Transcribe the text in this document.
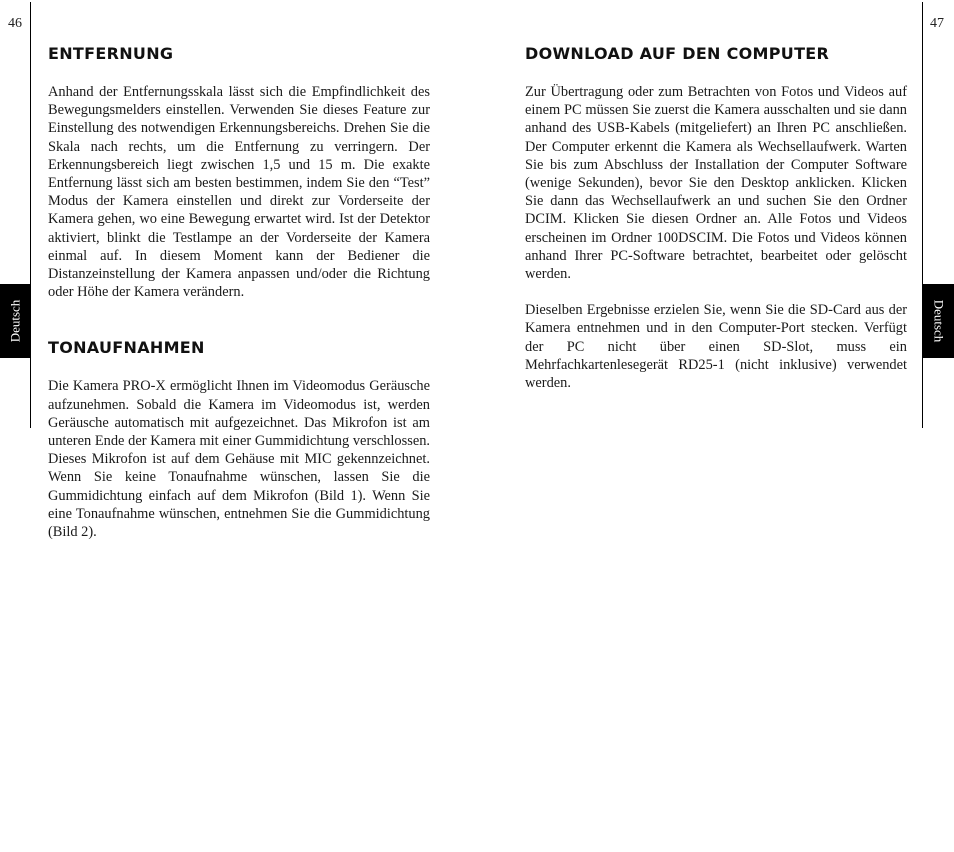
46
Deutsch
47
Deutsch
ENTFERNUNG

Anhand der Entfernungsskala lässt sich die Empfindlichkeit des Bewegungsmelders einstellen. Verwenden Sie dieses Feature zur Einstellung des notwendigen Erkennungsbereichs. Drehen Sie die Skala nach rechts, um die Entfernung zu verringern. Der Erkennungsbereich liegt zwischen 1,5 und 15 m. Die exakte Entfernung lässt sich am besten bestimmen, indem Sie den “Test” Modus der Kamera einstellen und direkt zur Vorderseite der Kamera gehen, wo eine Bewegung erwartet wird. Ist der Detektor aktiviert, blinkt die Testlampe an der Vorderseite der Kamera einmal auf. In diesem Moment kann der Bediener die Distanzeinstellung der Kamera anpassen und/oder die Richtung oder Höhe der Kamera verändern.

TONAUFNAHMEN

Die Kamera PRO-X ermöglicht Ihnen im Videomodus Geräusche aufzunehmen. Sobald die Kamera im Videomodus ist, werden Geräusche automatisch mit aufgezeichnet. Das Mikrofon ist am unteren Ende der Kamera mit einer Gummidichtung verschlossen. Dieses Mikrofon ist auf dem Gehäuse mit MIC gekennzeichnet. Wenn Sie keine Tonaufnahme wünschen, lassen Sie die Gummidichtung einfach auf dem Mikrofon (Bild 1). Wenn Sie eine Tonaufnahme wünschen, entnehmen Sie die Gummidichtung (Bild 2).

DOWNLOAD AUF DEN COMPUTER

Zur Übertragung oder zum Betrachten von Fotos und Videos auf einem PC müssen Sie zuerst die Kamera ausschalten und sie dann anhand des USB-Kabels (mitgeliefert) an Ihren PC anschließen. Der Computer erkennt die Kamera als Wechsellaufwerk. Warten Sie bis zum Abschluss der Installation der Computer Software (wenige Sekunden), bevor Sie den Desktop anklicken. Klicken Sie dann das Wechsellaufwerk an und suchen Sie den Ordner DCIM. Klicken Sie diesen Ordner an. Alle Fotos und Videos erscheinen im Ordner 100DSCIM. Die Fotos und Videos können anhand Ihrer PC-Software betrachtet, bearbeitet oder gelöscht werden.

Dieselben Ergebnisse erzielen Sie, wenn Sie die SD-Card aus der Kamera entnehmen und in den Computer-Port stecken. Verfügt der PC nicht über einen SD-Slot, muss ein Mehrfachkartenlesegerät RD25-1 (nicht inklusive) verwendet werden.
